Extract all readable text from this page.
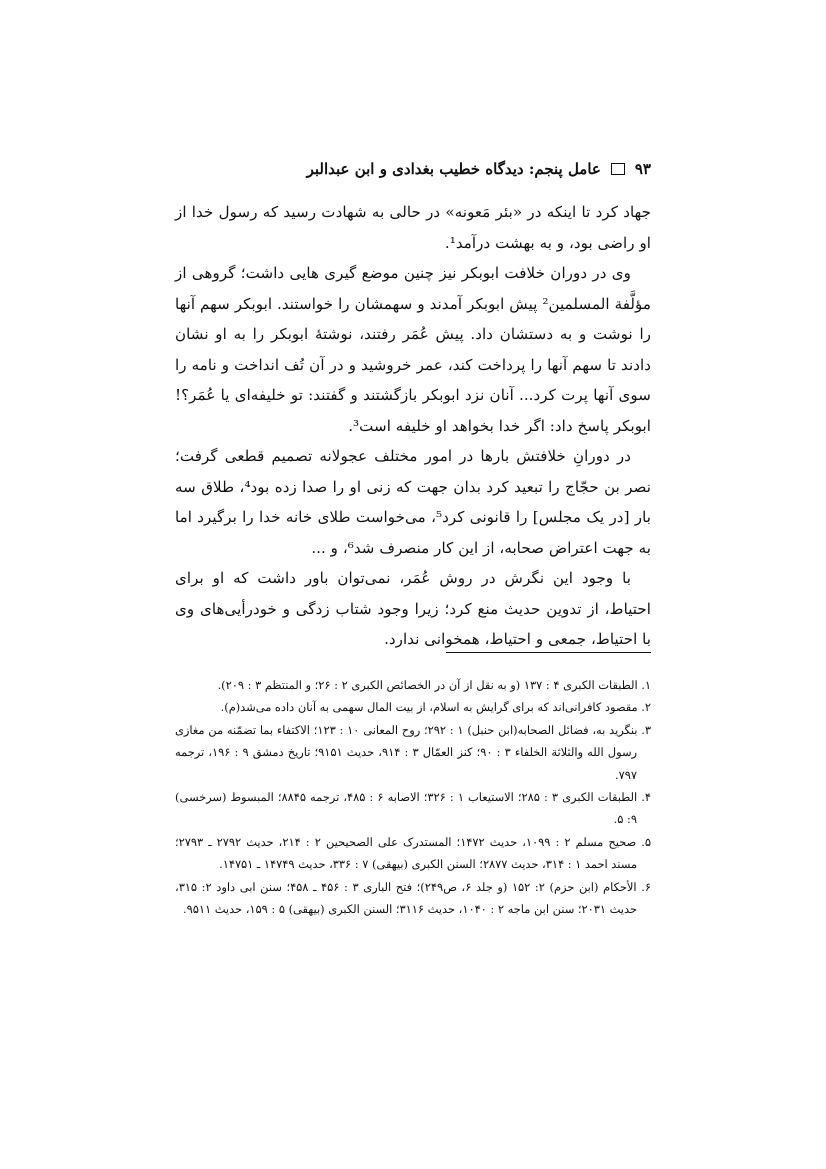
۹۳
عامل پنجم: دیدگاه خطیب بغدادی و ابن عبدالبر

جهاد کرد تا اینکه در «بئر مَعونه» در حالی به شهادت رسید که رسول خدا از او راضی بود، و به بهشت درآمد¹.

وی در دوران خلافت ابوبکر نیز چنین موضع گیری هایی داشت؛ گروهی از مؤلَّفة المسلمین² پیش ابوبکر آمدند و سهمشان را خواستند. ابوبکر سهم آنها را نوشت و به دستشان داد. پیش عُمَر رفتند، نوشتهٔ ابوبکر را به او نشان دادند تا سهم آنها را پرداخت کند، عمر خروشید و در آن تُف انداخت و نامه را سوی آنها پرت کرد... آنان نزد ابوبکر بازگشتند و گفتند: تو خلیفه‌ای یا عُمَر؟! ابوبکر پاسخ داد: اگر خدا بخواهد او خلیفه است³.

در دورانِ خلافتش بارها در امور مختلف عجولانه تصمیم قطعی گرفت؛ نصر بن حجّاج را تبعید کرد بدان جهت که زنی او را صدا زده بود⁴، طلاق سه بار [در یک مجلس] را قانونی کرد⁵، می‌خواست طلای خانه خدا را برگیرد اما به جهت اعتراض صحابه، از این کار منصرف شد⁶، و ...

با وجود این نگرش در روش عُمَر، نمی‌توان باور داشت که او برای احتیاط، از تدوین حدیث منع کرد؛ زیرا وجود شتاب زدگی و خودرأیی‌های وی با احتیاط، جمعی و احتیاط، همخوانی ندارد.

۱. الطبقات الکبری ۴ : ۱۳۷ (و به نقل از آن در الخصائص الکبری ۲ : ۲۶؛ و المنتظم ۳ : ۲۰۹).

۲. مقصود کافرانی‌اند که برای گرایش به اسلام، از بیت المال سهمی به آنان داده می‌شد(م).

۳. بنگرید به، فضائل الصحابه(ابن حنبل) ۱ : ۲۹۲؛ روح المعانی ۱۰ : ۱۲۳؛ الاکتفاء بما تضمّنه من مغازی رسول الله والثلاثة الخلفاء ۳ : ۹۰؛ کنز العمّال ۳ : ۹۱۴، حدیث ۹۱۵۱؛ تاریخ دمشق ۹ : ۱۹۶، ترجمه ۷۹۷.

۴. الطبقات الکبری ۳ : ۲۸۵؛ الاستیعاب ۱ : ۳۲۶؛ الاصابه ۶ : ۴۸۵، ترجمه ۸۸۴۵؛ المبسوط (سرخسی) ۹: ۵.

۵. صحیح مسلم ۲ : ۱۰۹۹، حدیث ۱۴۷۲؛ المستدرک علی الصحیحین ۲ : ۲۱۴، حدیث ۲۷۹۲ ـ ۲۷۹۳؛ مسند احمد ۱ : ۳۱۴، حدیث ۲۸۷۷؛ السنن الکبری (بیهقی) ۷ : ۳۳۶، حدیث ۱۴۷۴۹ ـ ۱۴۷۵۱.

۶. الأحکام (ابن حزم) ۲: ۱۵۲ (و جلد ۶، ص۲۴۹)؛ فتح الباری ۳ : ۴۵۶ ـ ۴۵۸؛ سنن ابی داود ۲: ۳۱۵، حدیث ۲۰۳۱؛ سنن ابن ماجه ۲ : ۱۰۴۰، حدیث ۳۱۱۶؛ السنن الکبری (بیهقی) ۵ : ۱۵۹، حدیث ۹۵۱۱.
